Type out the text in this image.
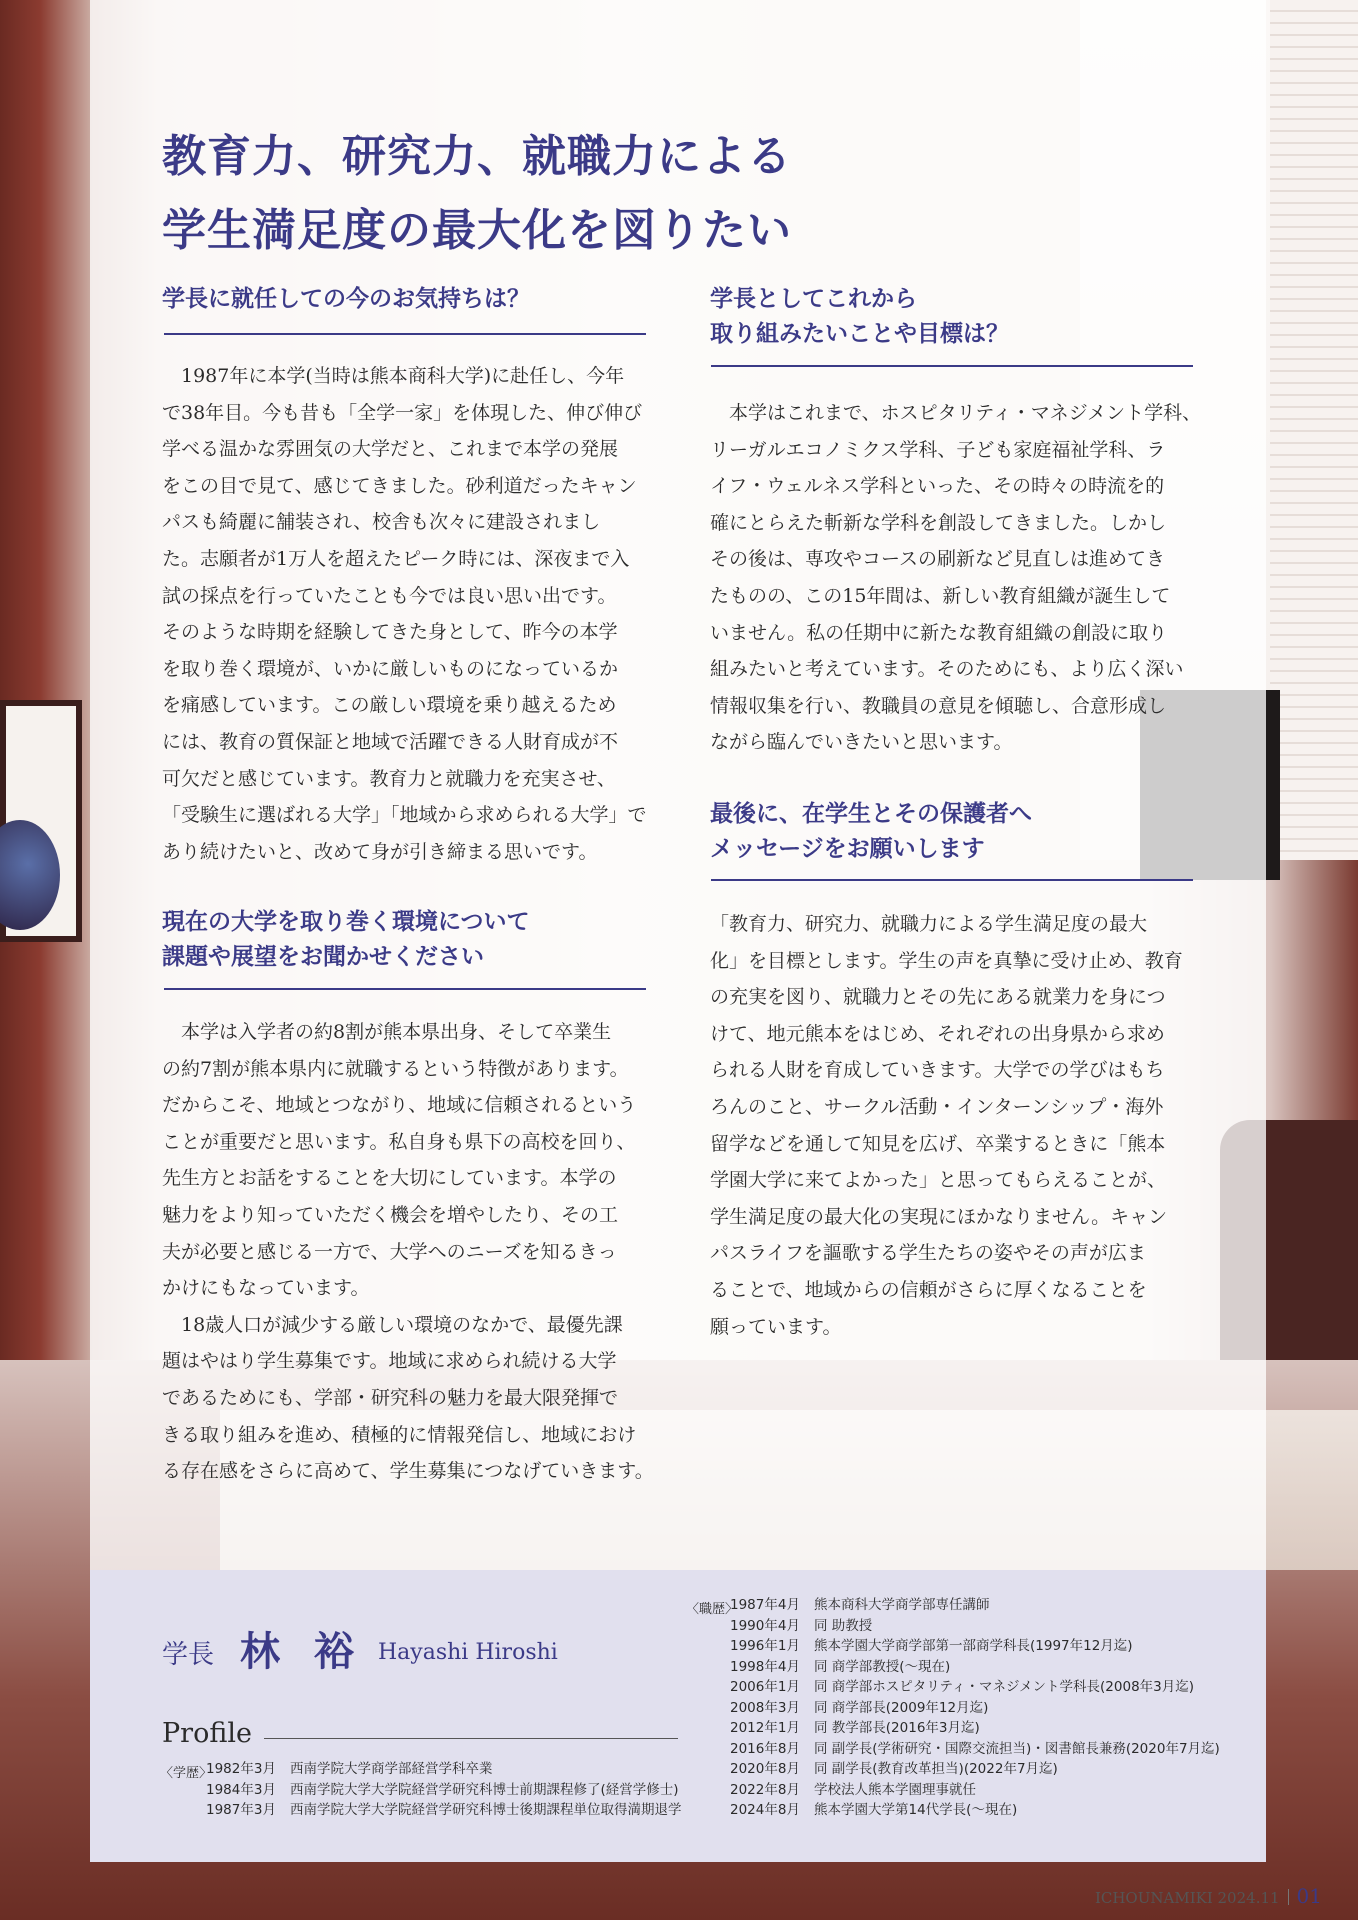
教育力、研究力、就職力による
学生満足度の最大化を図りたい
学長に就任しての今のお気持ちは？
　1987年に本学(当時は熊本商科大学)に赴任し、今年
で38年目。今も昔も「全学一家」を体現した、伸び伸び
学べる温かな雰囲気の大学だと、これまで本学の発展
をこの目で見て、感じてきました。砂利道だったキャン
パスも綺麗に舗装され、校舎も次々に建設されまし
た。志願者が1万人を超えたピーク時には、深夜まで入
試の採点を行っていたことも今では良い思い出です。
そのような時期を経験してきた身として、昨今の本学
を取り巻く環境が、いかに厳しいものになっているか
を痛感しています。この厳しい環境を乗り越えるため
には、教育の質保証と地域で活躍できる人財育成が不
可欠だと感じています。教育力と就職力を充実させ、
「受験生に選ばれる大学」「地域から求められる大学」で
あり続けたいと、改めて身が引き締まる思いです。
現在の大学を取り巻く環境について
課題や展望をお聞かせください
　本学は入学者の約8割が熊本県出身、そして卒業生
の約7割が熊本県内に就職するという特徴があります。
だからこそ、地域とつながり、地域に信頼されるという
ことが重要だと思います。私自身も県下の高校を回り、
先生方とお話をすることを大切にしています。本学の
魅力をより知っていただく機会を増やしたり、その工
夫が必要と感じる一方で、大学へのニーズを知るきっ
かけにもなっています。
　18歳人口が減少する厳しい環境のなかで、最優先課
題はやはり学生募集です。地域に求められ続ける大学
であるためにも、学部・研究科の魅力を最大限発揮で
きる取り組みを進め、積極的に情報発信し、地域におけ
る存在感をさらに高めて、学生募集につなげていきます。
学長としてこれから
取り組みたいことや目標は？
　本学はこれまで、ホスピタリティ・マネジメント学科、
リーガルエコノミクス学科、子ども家庭福祉学科、ラ
イフ・ウェルネス学科といった、その時々の時流を的
確にとらえた斬新な学科を創設してきました。しかし
その後は、専攻やコースの刷新など見直しは進めてき
たものの、この15年間は、新しい教育組織が誕生して
いません。私の任期中に新たな教育組織の創設に取り
組みたいと考えています。そのためにも、より広く深い
情報収集を行い、教職員の意見を傾聴し、合意形成し
ながら臨んでいきたいと思います。
最後に、在学生とその保護者へ
メッセージをお願いします
「教育力、研究力、就職力による学生満足度の最大
化」を目標とします。学生の声を真摯に受け止め、教育
の充実を図り、就職力とその先にある就業力を身につ
けて、地元熊本をはじめ、それぞれの出身県から求め
られる人財を育成していきます。大学での学びはもち
ろんのこと、サークル活動・インターンシップ・海外
留学などを通して知見を広げ、卒業するときに「熊本
学園大学に来てよかった」と思ってもらえることが、
学生満足度の最大化の実現にほかなりません。キャン
パスライフを謳歌する学生たちの姿やその声が広ま
ることで、地域からの信頼がさらに厚くなることを
願っています。
学長 林 裕 Hayashi Hiroshi
Profile
〈学歴〉
1982年3月	西南学院大学商学部経営学科卒業
1984年3月	西南学院大学大学院経営学研究科博士前期課程修了(経営学修士)
1987年3月	西南学院大学大学院経営学研究科博士後期課程単位取得満期退学
〈職歴〉
1987年4月	熊本商科大学商学部専任講師
1990年4月	同 助教授
1996年1月	熊本学園大学商学部第一部商学科長(1997年12月迄)
1998年4月	同 商学部教授(～現在)
2006年1月	同 商学部ホスピタリティ・マネジメント学科長(2008年3月迄)
2008年3月	同 商学部長(2009年12月迄)
2012年1月	同 教学部長(2016年3月迄)
2016年8月	同 副学長(学術研究・国際交流担当)・図書館長兼務(2020年7月迄)
2020年8月	同 副学長(教育改革担当)(2022年7月迄)
2022年8月	学校法人熊本学園理事就任
2024年8月	熊本学園大学第14代学長(～現在)
ICHOUNAMIKI 2024.11 01
